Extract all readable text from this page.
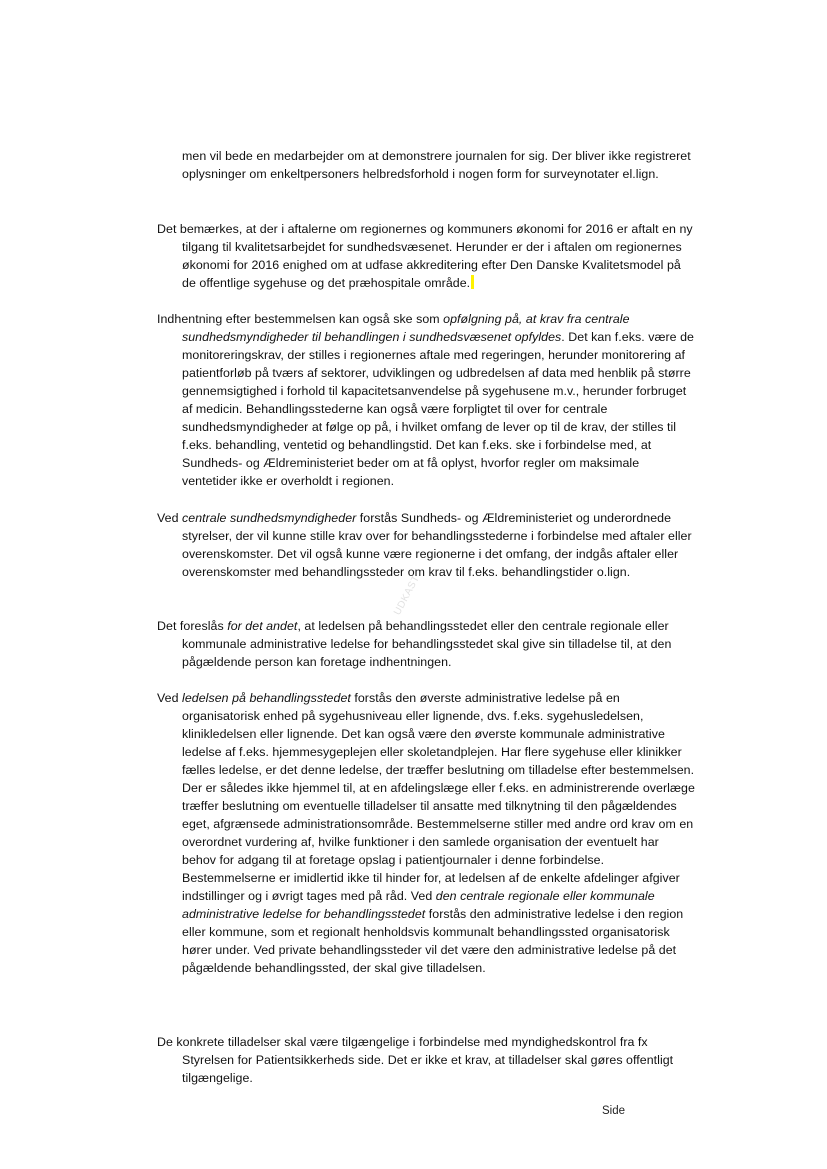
men vil bede en medarbejder om at demonstrere journalen for sig. Der bliver ikke registreret oplysninger om enkeltpersoners helbredsforhold i nogen form for surveynotater el.lign.

Det bemærkes, at der i aftalerne om regionernes og kommuners økonomi for 2016 er aftalt en ny tilgang til kvalitetsarbejdet for sundhedsvæsenet. Herunder er der i aftalen om regionernes økonomi for 2016 enighed om at udfase akkreditering efter Den Danske Kvalitetsmodel på de offentlige sygehuse og det præhospitale område.

Indhentning efter bestemmelsen kan også ske som opfølgning på, at krav fra centrale sundhedsmyndigheder til behandlingen i sundhedsvæsenet opfyldes. Det kan f.eks. være de monitoreringskrav, der stilles i regionernes aftale med regeringen, herunder monitorering af patientforløb på tværs af sektorer, udviklingen og udbredelsen af data med henblik på større gennemsigtighed i forhold til kapacitetsanvendelse på sygehusene m.v., herunder forbruget af medicin. Behandlingsstederne kan også være forpligtet til over for centrale sundhedsmyndigheder at følge op på, i hvilket omfang de lever op til de krav, der stilles til f.eks. behandling, ventetid og behandlingstid. Det kan f.eks. ske i forbindelse med, at Sundheds- og Ældreministeriet beder om at få oplyst, hvorfor regler om maksimale ventetider ikke er overholdt i regionen.

Ved centrale sundhedsmyndigheder forstås Sundheds- og Ældreministeriet og underordnede styrelser, der vil kunne stille krav over for behandlingsstederne i forbindelse med aftaler eller overenskomster. Det vil også kunne være regionerne i det omfang, der indgås aftaler eller overenskomster med behandlingssteder om krav til f.eks. behandlingstider o.lign.

Det foreslås for det andet, at ledelsen på behandlingsstedet eller den centrale regionale eller kommunale administrative ledelse for behandlingsstedet skal give sin tilladelse til, at den pågældende person kan foretage indhentningen.

Ved ledelsen på behandlingsstedet forstås den øverste administrative ledelse på en organisatorisk enhed på sygehusniveau eller lignende, dvs. f.eks. sygehusledelsen, klinikledelsen eller lignende. Det kan også være den øverste kommunale administrative ledelse af f.eks. hjemmesygeplejen eller skoletandplejen. Har flere sygehuse eller klinikker fælles ledelse, er det denne ledelse, der træffer beslutning om tilladelse efter bestemmelsen. Der er således ikke hjemmel til, at en afdelingslæge eller f.eks. en administrerende overlæge træffer beslutning om eventuelle tilladelser til ansatte med tilknytning til den pågældendes eget, afgrænsede administrationsområde. Bestemmelserne stiller med andre ord krav om en overordnet vurdering af, hvilke funktioner i den samlede organisation der eventuelt har behov for adgang til at foretage opslag i patientjournaler i denne forbindelse. Bestemmelserne er imidlertid ikke til hinder for, at ledelsen af de enkelte afdelinger afgiver indstillinger og i øvrigt tages med på råd. Ved den centrale regionale eller kommunale administrative ledelse for behandlingsstedet forstås den administrative ledelse i den region eller kommune, som et regionalt henholdsvis kommunalt behandlingssted organisatorisk hører under. Ved private behandlingssteder vil det være den administrative ledelse på det pågældende behandlingssted, der skal give tilladelsen.

De konkrete tilladelser skal være tilgængelige i forbindelse med myndighedskontrol fra fx Styrelsen for Patientsikkerheds side. Det er ikke et krav, at tilladelser skal gøres offentligt tilgængelige.

UDKAST
Side
